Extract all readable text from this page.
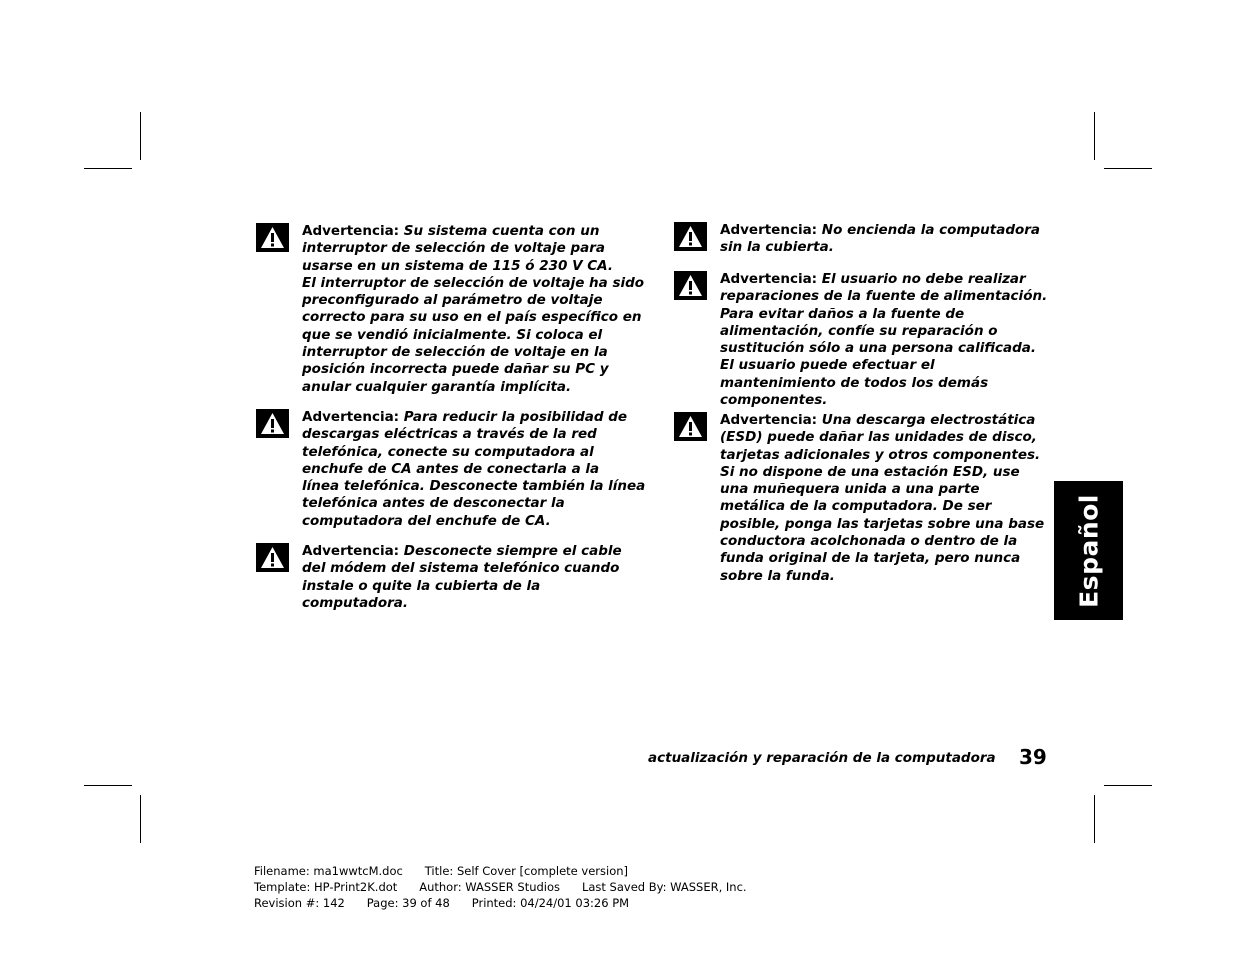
Advertencia: Su sistema cuenta con un
interruptor de selección de voltaje para
usarse en un sistema de 115 ó 230 V CA.
El interruptor de selección de voltaje ha sido
preconfigurado al parámetro de voltaje
correcto para su uso en el país específico en
que se vendió inicialmente. Si coloca el
interruptor de selección de voltaje en la
posición incorrecta puede dañar su PC y
anular cualquier garantía implícita.
Advertencia: Para reducir la posibilidad de
descargas eléctricas a través de la red
telefónica, conecte su computadora al
enchufe de CA antes de conectarla a la
línea telefónica. Desconecte también la línea
telefónica antes de desconectar la
computadora del enchufe de CA.
Advertencia: Desconecte siempre el cable
del módem del sistema telefónico cuando
instale o quite la cubierta de la
computadora.
Advertencia: No encienda la computadora
sin la cubierta.
Advertencia: El usuario no debe realizar
reparaciones de la fuente de alimentación.
Para evitar daños a la fuente de
alimentación, confíe su reparación o
sustitución sólo a una persona calificada.
El usuario puede efectuar el
mantenimiento de todos los demás
componentes.
Advertencia: Una descarga electrostática
(ESD) puede dañar las unidades de disco,
tarjetas adicionales y otros componentes.
Si no dispone de una estación ESD, use
una muñequera unida a una parte
metálica de la computadora. De ser
posible, ponga las tarjetas sobre una base
conductora acolchonada o dentro de la
funda original de la tarjeta, pero nunca
sobre la funda.	Español
actualización y reparación de la computadora 39
Filename: ma1wwtcM.doc      Title: Self Cover [complete version]
Template: HP-Print2K.dot      Author: WASSER Studios      Last Saved By: WASSER, Inc.
Revision #: 142      Page: 39 of 48      Printed: 04/24/01 03:26 PM
